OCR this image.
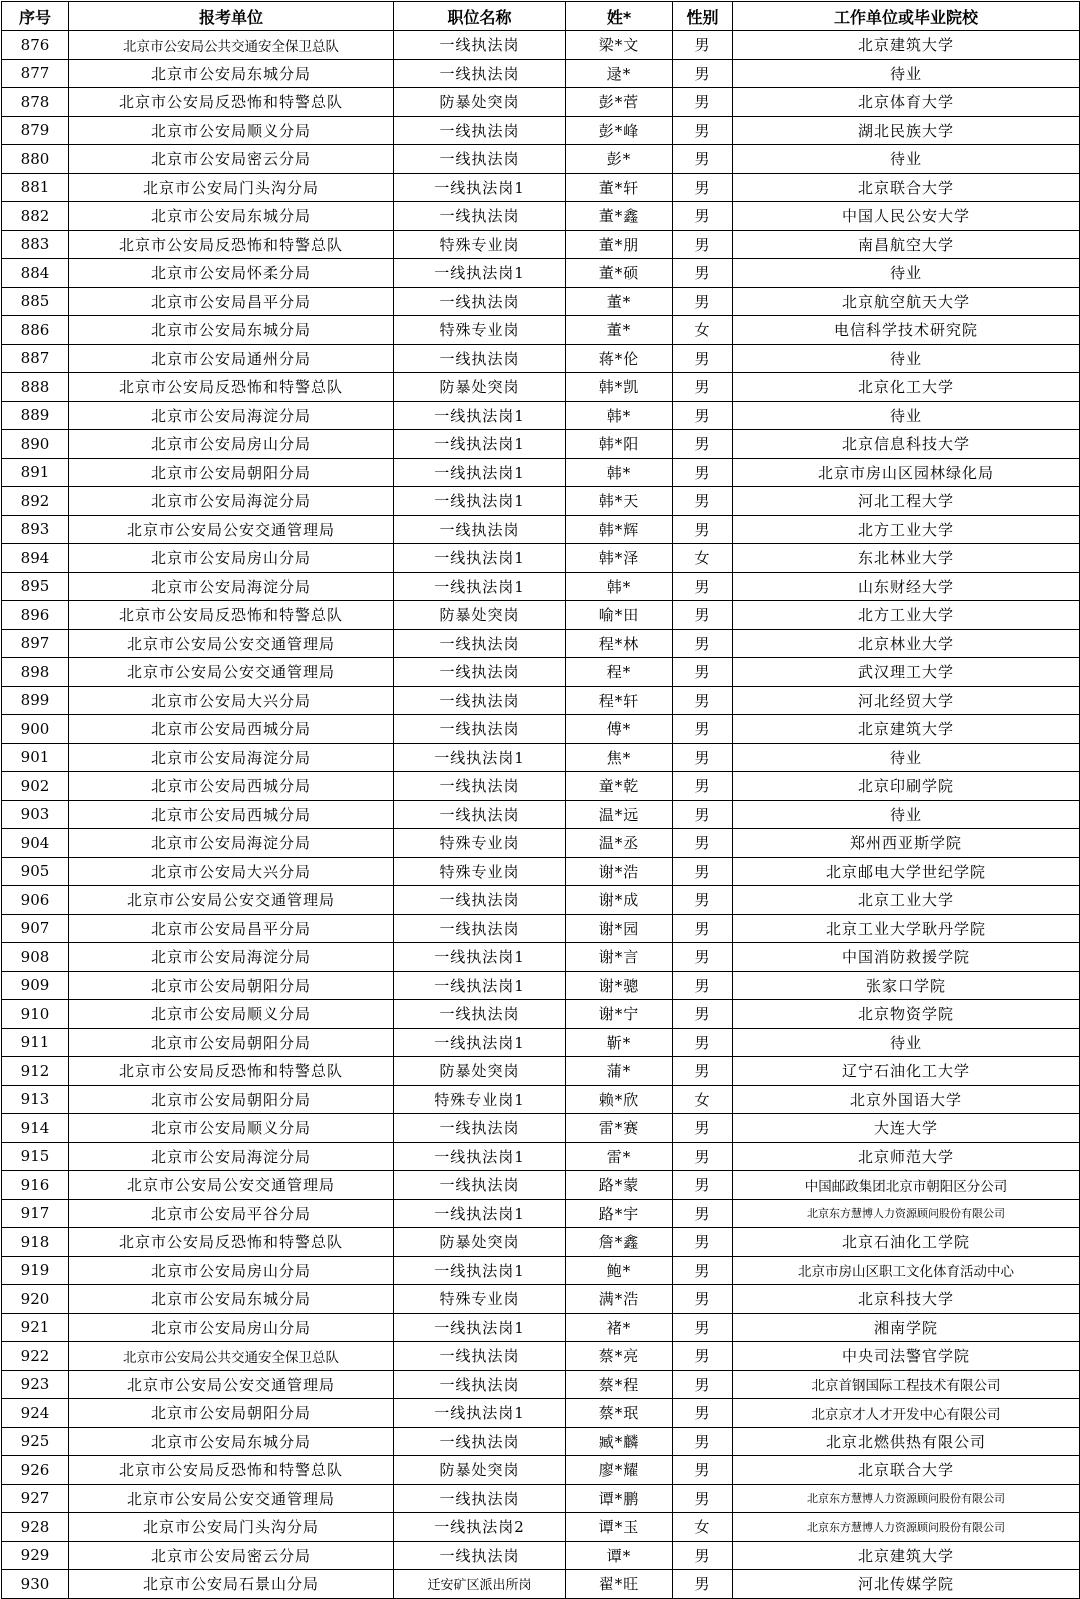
序号	报考单位	职位名称	姓*	性别	工作单位或毕业院校
876	北京市公安局公共交通安全保卫总队	一线执法岗	梁*文	男	北京建筑大学
877	北京市公安局东城分局	一线执法岗	逯*	男	待业
878	北京市公安局反恐怖和特警总队	防暴处突岗	彭*菅	男	北京体育大学
879	北京市公安局顺义分局	一线执法岗	彭*峰	男	湖北民族大学
880	北京市公安局密云分局	一线执法岗	彭*	男	待业
881	北京市公安局门头沟分局	一线执法岗1	董*轩	男	北京联合大学
882	北京市公安局东城分局	一线执法岗	董*鑫	男	中国人民公安大学
883	北京市公安局反恐怖和特警总队	特殊专业岗	董*朋	男	南昌航空大学
884	北京市公安局怀柔分局	一线执法岗1	董*硕	男	待业
885	北京市公安局昌平分局	一线执法岗	董*	男	北京航空航天大学
886	北京市公安局东城分局	特殊专业岗	董*	女	电信科学技术研究院
887	北京市公安局通州分局	一线执法岗	蒋*伦	男	待业
888	北京市公安局反恐怖和特警总队	防暴处突岗	韩*凯	男	北京化工大学
889	北京市公安局海淀分局	一线执法岗1	韩*	男	待业
890	北京市公安局房山分局	一线执法岗1	韩*阳	男	北京信息科技大学
891	北京市公安局朝阳分局	一线执法岗1	韩*	男	北京市房山区园林绿化局
892	北京市公安局海淀分局	一线执法岗1	韩*天	男	河北工程大学
893	北京市公安局公安交通管理局	一线执法岗	韩*辉	男	北方工业大学
894	北京市公安局房山分局	一线执法岗1	韩*泽	女	东北林业大学
895	北京市公安局海淀分局	一线执法岗1	韩*	男	山东财经大学
896	北京市公安局反恐怖和特警总队	防暴处突岗	喻*田	男	北方工业大学
897	北京市公安局公安交通管理局	一线执法岗	程*林	男	北京林业大学
898	北京市公安局公安交通管理局	一线执法岗	程*	男	武汉理工大学
899	北京市公安局大兴分局	一线执法岗	程*轩	男	河北经贸大学
900	北京市公安局西城分局	一线执法岗	傅*	男	北京建筑大学
901	北京市公安局海淀分局	一线执法岗1	焦*	男	待业
902	北京市公安局西城分局	一线执法岗	童*乾	男	北京印刷学院
903	北京市公安局西城分局	一线执法岗	温*远	男	待业
904	北京市公安局海淀分局	特殊专业岗	温*丞	男	郑州西亚斯学院
905	北京市公安局大兴分局	特殊专业岗	谢*浩	男	北京邮电大学世纪学院
906	北京市公安局公安交通管理局	一线执法岗	谢*成	男	北京工业大学
907	北京市公安局昌平分局	一线执法岗	谢*园	男	北京工业大学耿丹学院
908	北京市公安局海淀分局	一线执法岗1	谢*言	男	中国消防救援学院
909	北京市公安局朝阳分局	一线执法岗1	谢*骢	男	张家口学院
910	北京市公安局顺义分局	一线执法岗	谢*宁	男	北京物资学院
911	北京市公安局朝阳分局	一线执法岗1	靳*	男	待业
912	北京市公安局反恐怖和特警总队	防暴处突岗	蒲*	男	辽宁石油化工大学
913	北京市公安局朝阳分局	特殊专业岗1	赖*欣	女	北京外国语大学
914	北京市公安局顺义分局	一线执法岗	雷*赛	男	大连大学
915	北京市公安局海淀分局	一线执法岗1	雷*	男	北京师范大学
916	北京市公安局公安交通管理局	一线执法岗	路*蒙	男	中国邮政集团北京市朝阳区分公司
917	北京市公安局平谷分局	一线执法岗1	路*宇	男	北京东方慧博人力资源顾问股份有限公司
918	北京市公安局反恐怖和特警总队	防暴处突岗	詹*鑫	男	北京石油化工学院
919	北京市公安局房山分局	一线执法岗1	鲍*	男	北京市房山区职工文化体育活动中心
920	北京市公安局东城分局	特殊专业岗	满*浩	男	北京科技大学
921	北京市公安局房山分局	一线执法岗1	褚*	男	湘南学院
922	北京市公安局公共交通安全保卫总队	一线执法岗	蔡*亮	男	中央司法警官学院
923	北京市公安局公安交通管理局	一线执法岗	蔡*程	男	北京首钢国际工程技术有限公司
924	北京市公安局朝阳分局	一线执法岗1	蔡*珉	男	北京京才人才开发中心有限公司
925	北京市公安局东城分局	一线执法岗	臧*麟	男	北京北燃供热有限公司
926	北京市公安局反恐怖和特警总队	防暴处突岗	廖*耀	男	北京联合大学
927	北京市公安局公安交通管理局	一线执法岗	谭*鹏	男	北京东方慧博人力资源顾问股份有限公司
928	北京市公安局门头沟分局	一线执法岗2	谭*玉	女	北京东方慧博人力资源顾问股份有限公司
929	北京市公安局密云分局	一线执法岗	谭*	男	北京建筑大学
930	北京市公安局石景山分局	迁安矿区派出所岗	翟*旺	男	河北传媒学院
